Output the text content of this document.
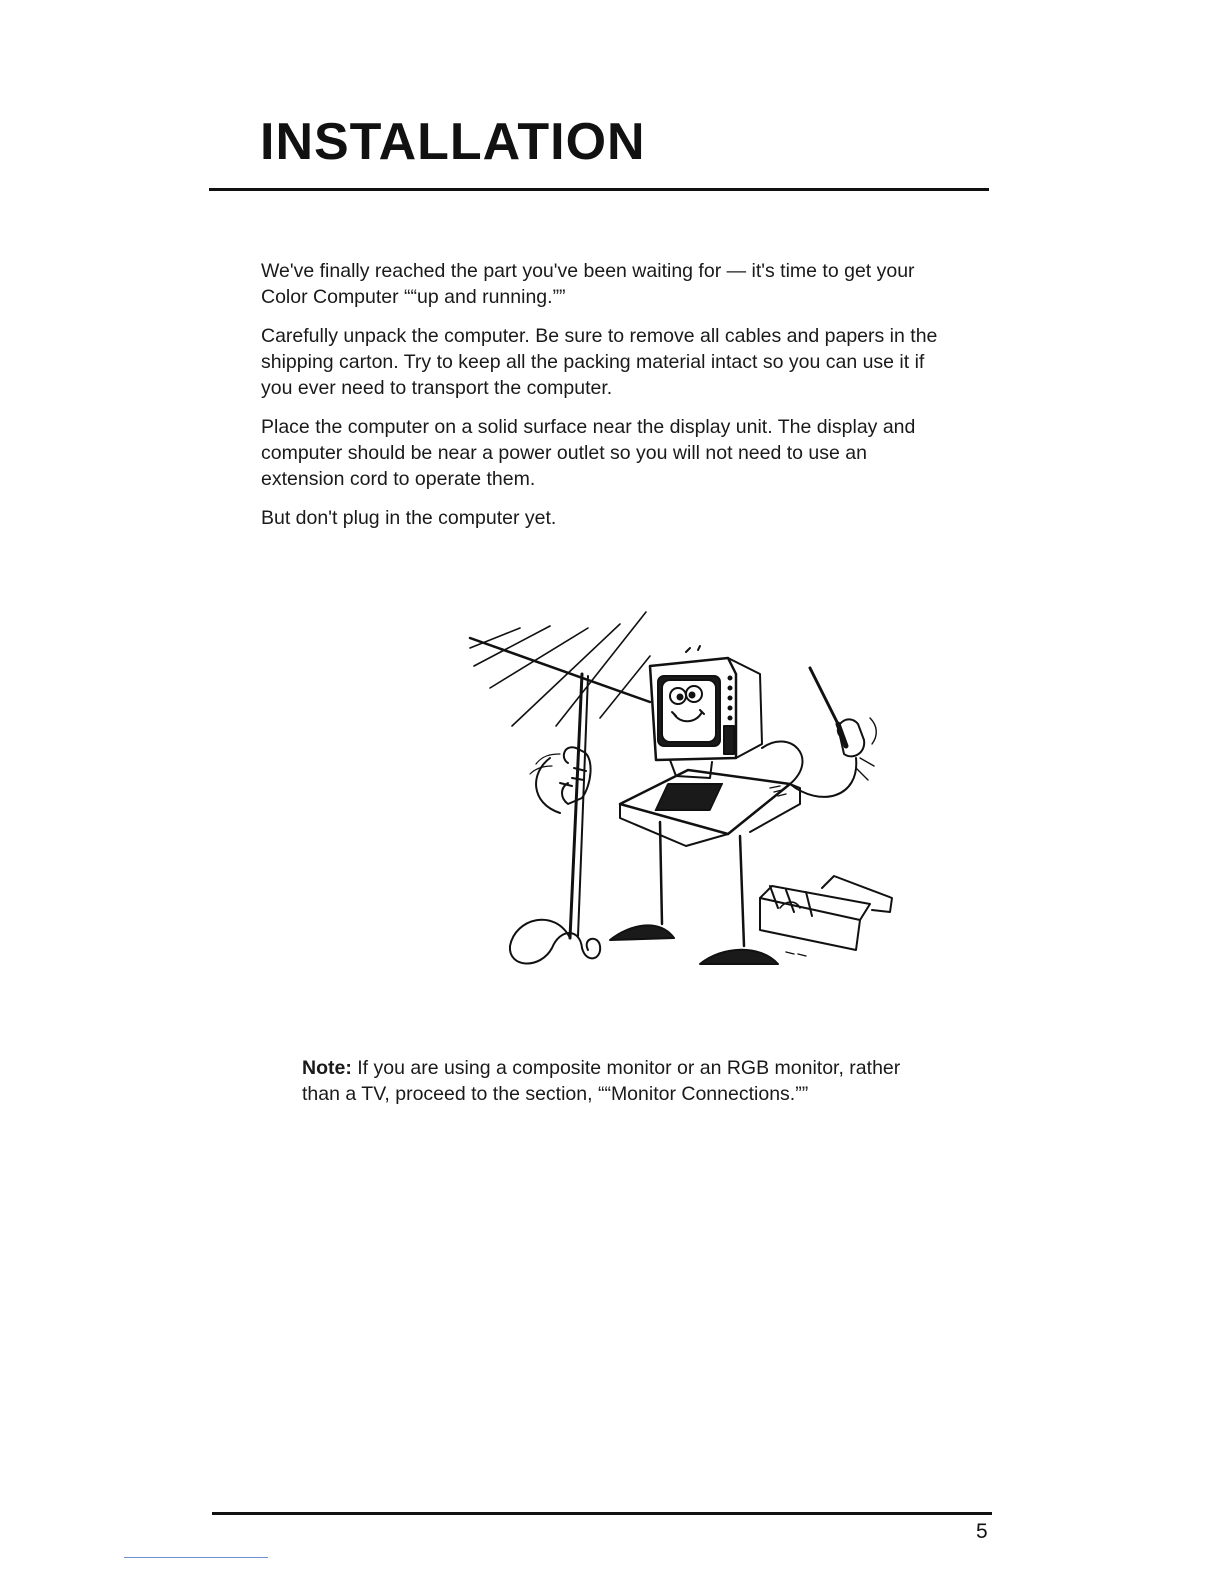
INSTALLATION

We've finally reached the part you've been waiting for — it's time to get your Color Computer ““up and running.””

Carefully unpack the computer. Be sure to remove all cables and papers in the shipping carton. Try to keep all the packing material intact so you can use it if you ever need to transport the computer.

Place the computer on a solid surface near the display unit. The display and computer should be near a power outlet so you will not need to use an extension cord to operate them.

But don't plug in the computer yet.

Note: If you are using a composite monitor or an RGB monitor, rather than a TV, proceed to the section, ““Monitor Connections.””

5
